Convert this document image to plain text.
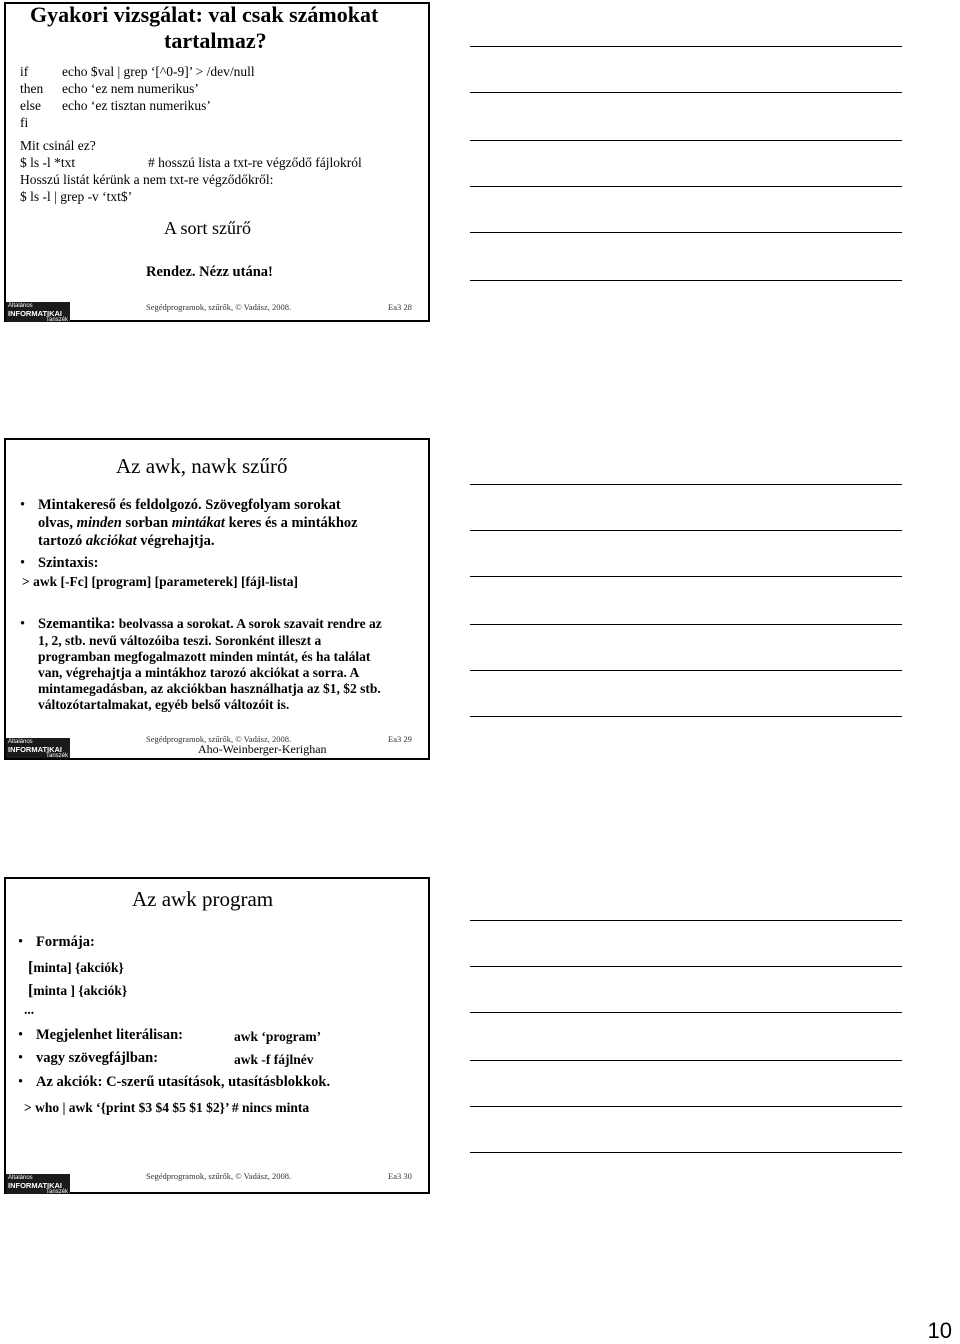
Gyakori vizsgálat: val csak számokat
tartalmaz?
if	echo $val | grep ‘[^0-9]’ > /dev/null
then echo ‘ez nem numerikus’
else echo ‘ez tisztan numerikus’
fi
Mit csinál ez?
$ ls -l *txt	# hosszú lista a txt-re végződő fájlokról
Hosszú listát kérünk a nem txt-re végződőkről:
$ ls -l | grep -v ‘txt$’
A sort szűrő
Rendez. Nézz utána!
Általános
INFORMATIKAI
Tanszék
Segédprogramok, szűrők, © Vadász, 2008.	Ea3 28
Az awk, nawk szűrő
• Mintakereső és feldolgozó. Szövegfolyam sorokat
olvas, minden sorban mintákat keres és a mintákhoz
tartozó akciókat végrehajtja.
• Szintaxis:
> awk [-Fc] [program] [parameterek] [fájl-lista]
• Szemantika: beolvassa a sorokat. A sorok szavait rendre az
1, 2, stb. nevű változóiba teszi. Soronként illeszt a
programban megfogalmazott minden mintát, és ha találat
van, végrehajtja a mintákhoz tarozó akciókat a sorra. A
mintamegadásban, az akciókban használhatja az $1, $2 stb.
változótartalmakat, egyéb belső változóit is.
Általános
INFORMATIKAI
Tanszék
Segédprogramok, szűrők, © Vadász, 2008.	Ea3 29
Aho-Weinberger-Kerighan
Az awk program
• Formája:
[minta] {akciók}
[minta ] {akciók}
...
• Megjelenhet literálisan:	awk ‘program’
• vagy szövegfájlban:	awk -f fájlnév
• Az akciók: C-szerű utasítások, utasításblokkok.
> who | awk ‘{print $3 $4 $5 $1 $2}’ # nincs minta
Általános
INFORMATIKAI
Tanszék
Segédprogramok, szűrők, © Vadász, 2008.	Ea3 30
10
